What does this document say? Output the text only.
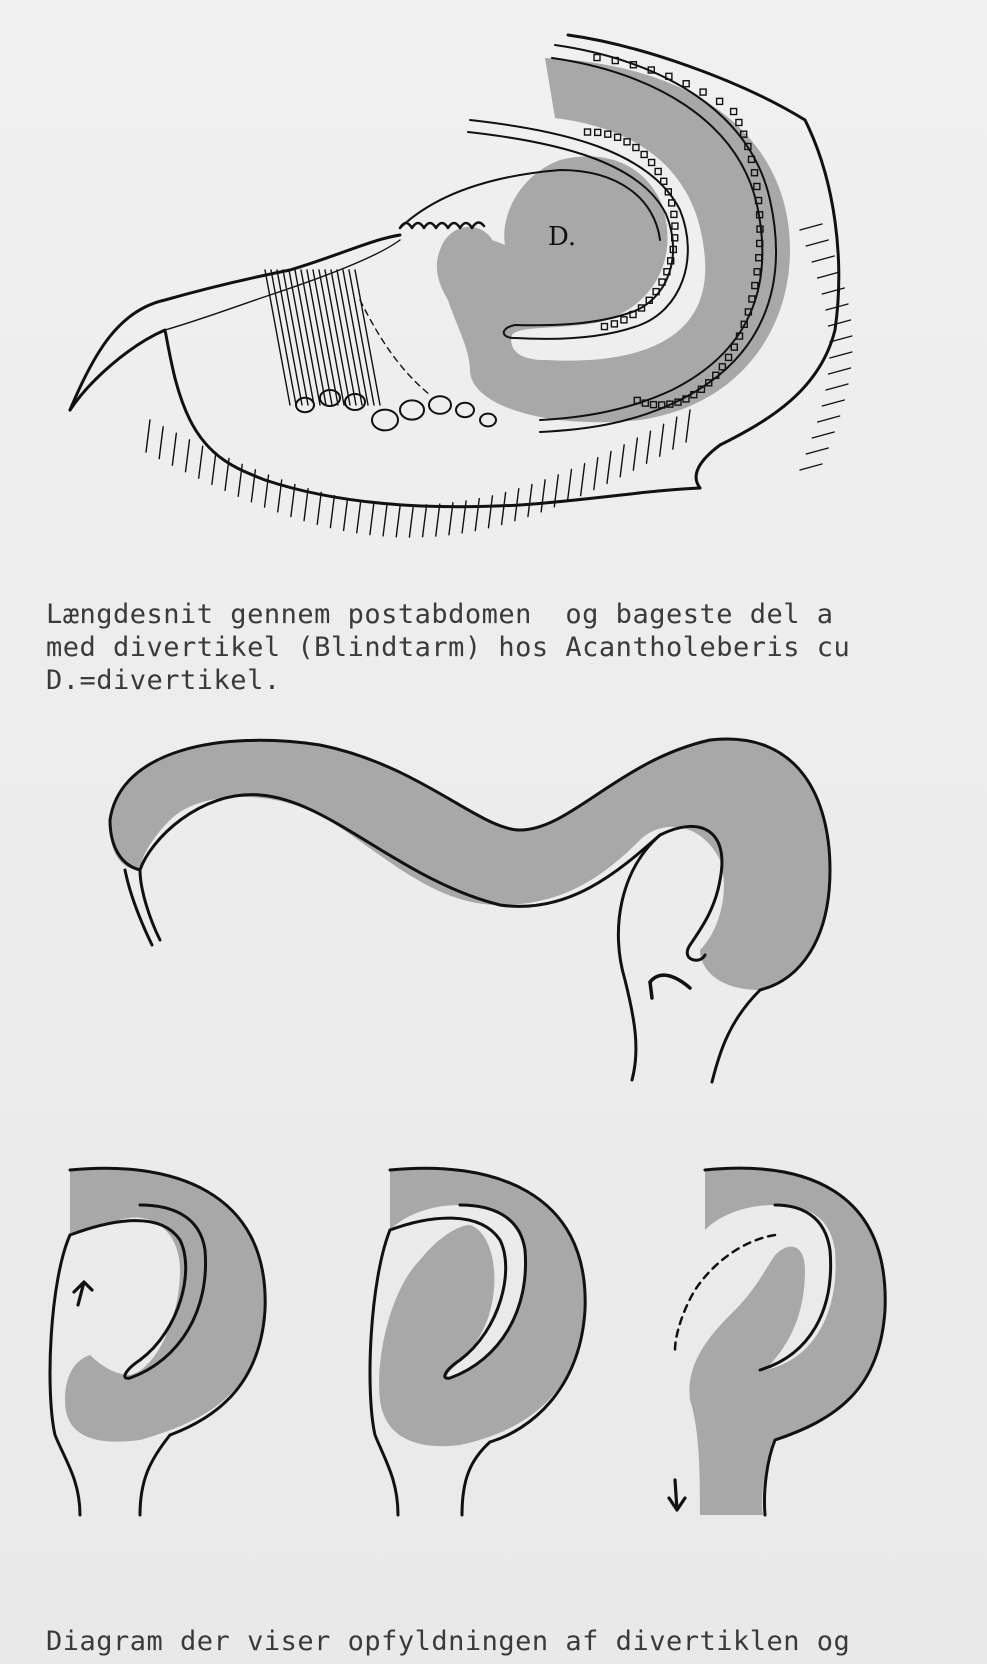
D.

Længdesnit gennem postabdomen  og bageste del a

med divertikel (Blindtarm) hos Acantholeberis cu

D.=divertikel.

Diagram der viser opfyldningen af divertiklen og
